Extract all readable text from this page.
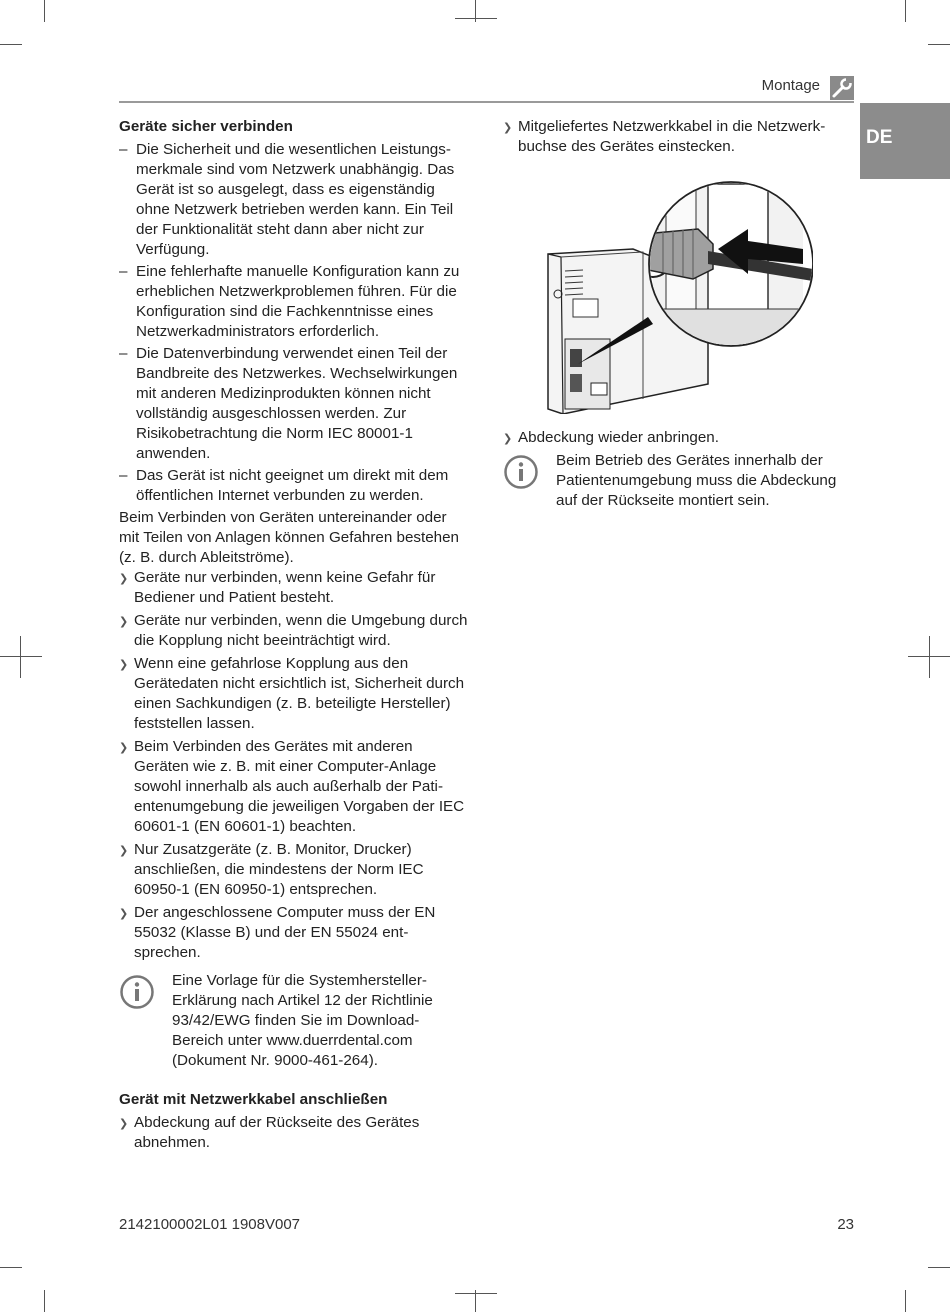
Montage
DE
Geräte sicher verbinden
– Die Sicherheit und die wesentlichen Leistungsmerkmale sind vom Netzwerk unabhängig. Das Gerät ist so ausgelegt, dass es eigenständig ohne Netzwerk betrieben werden kann. Ein Teil der Funktionalität steht dann aber nicht zur Verfügung.
– Eine fehlerhafte manuelle Konfiguration kann zu erheblichen Netzwerkproblemen führen. Für die Konfiguration sind die Fachkenntnisse eines Netzwerkadministrators erforderlich.
– Die Datenverbindung verwendet einen Teil der Bandbreite des Netzwerkes. Wechselwirkungen mit anderen Medizinprodukten können nicht vollständig ausgeschlossen werden. Zur Risikobetrachtung die Norm IEC 80001-1 anwenden.
– Das Gerät ist nicht geeignet um direkt mit dem öffentlichen Internet verbunden zu werden.
Beim Verbinden von Geräten untereinander oder mit Teilen von Anlagen können Gefahren bestehen (z. B. durch Ableitströme).
❯ Geräte nur verbinden, wenn keine Gefahr für Bediener und Patient besteht.
❯ Geräte nur verbinden, wenn die Umgebung durch die Kopplung nicht beeinträchtigt wird.
❯ Wenn eine gefahrlose Kopplung aus den Gerätedaten nicht ersichtlich ist, Sicherheit durch einen Sachkundigen (z. B. beteiligte Hersteller) feststellen lassen.
❯ Beim Verbinden des Gerätes mit anderen Geräten wie z. B. mit einer Computer-Anlage sowohl innerhalb als auch außerhalb der Patientenumgebung die jeweiligen Vorgaben der IEC 60601-1 (EN 60601-1) beachten.
❯ Nur Zusatzgeräte (z. B. Monitor, Drucker) anschließen, die mindestens der Norm IEC 60950-1 (EN 60950-1) entsprechen.
❯ Der angeschlossene Computer muss der EN 55032 (Klasse B) und der EN 55024 entsprechen.
Eine Vorlage für die Systemhersteller-Erklärung nach Artikel 12 der Richtlinie 93/42/EWG finden Sie im Download-Bereich unter www.duerrdental.com (Dokument Nr. 9000-461-264).
Gerät mit Netzwerkkabel anschließen
❯ Abdeckung auf der Rückseite des Gerätes abnehmen.
❯ Mitgeliefertes Netzwerkkabel in die Netzwerkbuchse des Gerätes einstecken.
❯ Abdeckung wieder anbringen.
Beim Betrieb des Gerätes innerhalb der Patientenumgebung muss die Abdeckung auf der Rückseite montiert sein.
2142100002L01 1908V007	23
